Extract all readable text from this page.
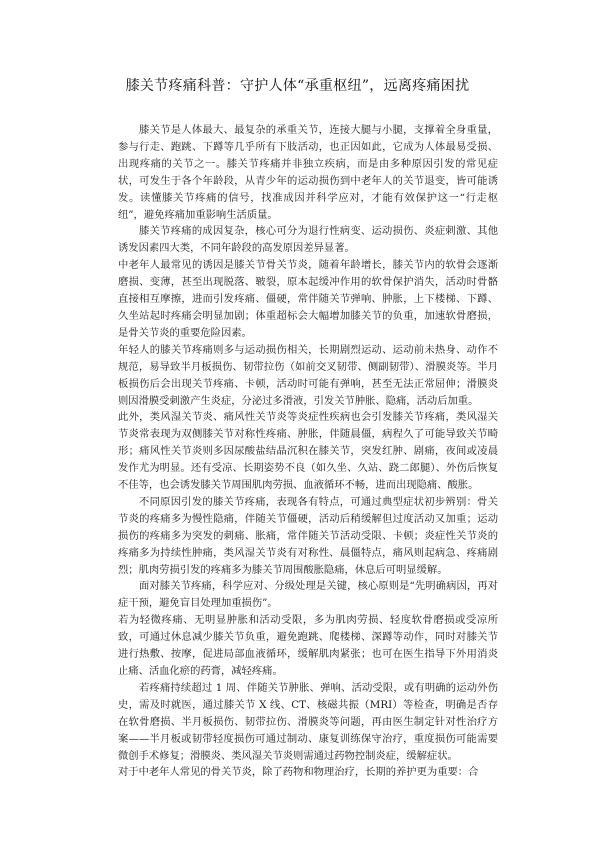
膝关节疼痛科普：守护人体“承重枢纽”，远离疼痛困扰

膝关节是人体最大、最复杂的承重关节，连接大腿与小腿，支撑着全身重量，参与行走、跑跳、下蹲等几乎所有下肢活动，也正因如此，它成为人体最易受损、出现疼痛的关节之一。膝关节疼痛并非独立疾病，而是由多种原因引发的常见症状，可发生于各个年龄段，从青少年的运动损伤到中老年人的关节退变，皆可能诱发。读懂膝关节疼痛的信号，找准成因并科学应对，才能有效保护这一“行走枢纽”，避免疼痛加重影响生活质量。

膝关节疼痛的成因复杂，核心可分为退行性病变、运动损伤、炎症刺激、其他诱发因素四大类，不同年龄段的高发原因差异显著。

中老年人最常见的诱因是膝关节骨关节炎，随着年龄增长，膝关节内的软骨会逐渐磨损、变薄，甚至出现脱落、皲裂，原本起缓冲作用的软骨保护消失，活动时骨骼直接相互摩擦，进而引发疼痛、僵硬，常伴随关节弹响、肿胀，上下楼梯、下蹲、久坐站起时疼痛会明显加剧；体重超标会大幅增加膝关节的负重，加速软骨磨损，是骨关节炎的重要危险因素。

年轻人的膝关节疼痛则多与运动损伤相关，长期剧烈运动、运动前未热身、动作不规范，易导致半月板损伤、韧带拉伤（如前交叉韧带、侧副韧带）、滑膜炎等。半月板损伤后会出现关节疼痛、卡顿，活动时可能有弹响，甚至无法正常屈伸；滑膜炎则因滑膜受刺激产生炎症，分泌过多滑液，引发关节肿胀、隐痛，活动后加重。

此外，类风湿关节炎、痛风性关节炎等炎症性疾病也会引发膝关节疼痛，类风湿关节炎常表现为双侧膝关节对称性疼痛、肿胀，伴随晨僵，病程久了可能导致关节畸形；痛风性关节炎则多因尿酸盐结晶沉积在膝关节，突发红肿、剧痛，夜间或凌晨发作尤为明显。还有受凉、长期姿势不良（如久坐、久站、跷二郎腿）、外伤后恢复不佳等，也会诱发膝关节周围肌肉劳损、血液循环不畅，进而出现隐痛、酸胀。

不同原因引发的膝关节疼痛，表现各有特点，可通过典型症状初步辨别：骨关节炎的疼痛多为慢性隐痛，伴随关节僵硬，活动后稍缓解但过度活动又加重；运动损伤的疼痛多为突发的刺痛、胀痛，常伴随关节活动受限、卡顿；炎症性关节炎的疼痛多为持续性肿痛，类风湿关节炎有对称性、晨僵特点，痛风则起病急、疼痛剧烈；肌肉劳损引发的疼痛多为膝关节周围酸胀隐痛，休息后可明显缓解。

面对膝关节疼痛，科学应对、分级处理是关键，核心原则是“先明确病因，再对症干预，避免盲目处理加重损伤”。

若为轻微疼痛、无明显肿胀和活动受限，多为肌肉劳损、轻度软骨磨损或受凉所致，可通过休息减少膝关节负重，避免跑跳、爬楼梯、深蹲等动作，同时对膝关节进行热敷、按摩，促进局部血液循环，缓解肌肉紧张；也可在医生指导下外用消炎止痛、活血化瘀的药膏，减轻疼痛。

若疼痛持续超过 1 周、伴随关节肿胀、弹响、活动受限，或有明确的运动外伤史，需及时就医，通过膝关节 X 线、CT、核磁共振（MRI）等检查，明确是否存在软骨磨损、半月板损伤、韧带拉伤、滑膜炎等问题，再由医生制定针对性治疗方案——半月板或韧带轻度损伤可通过制动、康复训练保守治疗，重度损伤可能需要微创手术修复；滑膜炎、类风湿关节炎则需通过药物控制炎症，缓解症状。

对于中老年人常见的骨关节炎，除了药物和物理治疗，长期的养护更为重要：合
